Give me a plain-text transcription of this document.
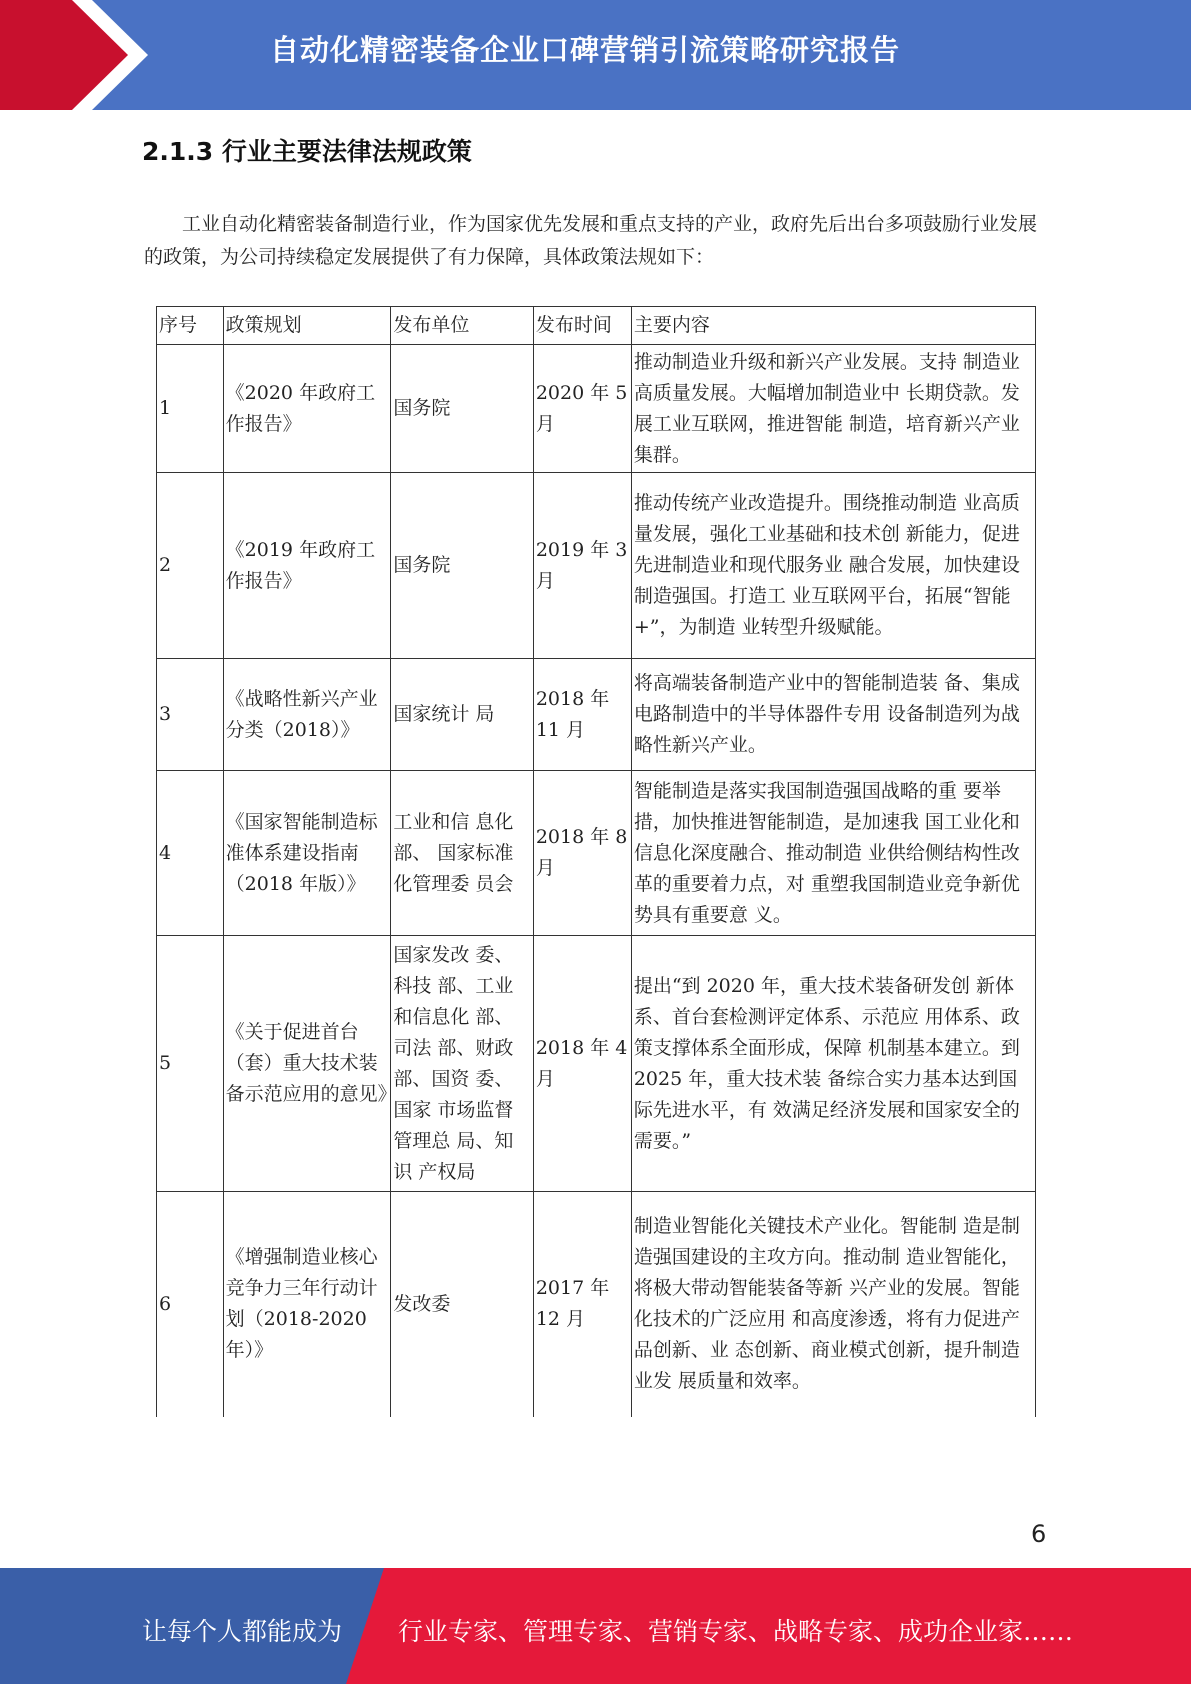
自动化精密装备企业口碑营销引流策略研究报告
2.1.3 行业主要法律法规政策
工业自动化精密装备制造行业，作为国家优先发展和重点支持的产业，政府先后出台多项鼓励行业发展的政策，为公司持续稳定发展提供了有力保障，具体政策法规如下：
序号	政策规划	发布单位	发布时间	主要内容
1	《2020 年政府工作报告》	国务院	2020 年 5 月	推动制造业升级和新兴产业发展。支持 制造业高质量发展。大幅增加制造业中 长期贷款。发展工业互联网，推进智能 制造，培育新兴产业集群。
2	《2019 年政府工作报告》	国务院	2019 年 3 月	推动传统产业改造提升。围绕推动制造 业高质量发展，强化工业基础和技术创 新能力，促进先进制造业和现代服务业 融合发展，加快建设制造强国。打造工 业互联网平台，拓展“智能+”，为制造 业转型升级赋能。
3	《战略性新兴产业分类（2018）》	国家统计 局	2018 年 11 月	将高端装备制造产业中的智能制造装 备、集成电路制造中的半导体器件专用 设备制造列为战略性新兴产业。
4	《国家智能制造标准体系建设指南（2018 年版）》	工业和信 息化部、 国家标准化管理委 员会	2018 年 8 月	智能制造是落实我国制造强国战略的重 要举措，加快推进智能制造，是加速我 国工业化和信息化深度融合、推动制造 业供给侧结构性改革的重要着力点，对 重塑我国制造业竞争新优势具有重要意 义。
5	《关于促进首台（套）重大技术装备示范应用的意见》	国家发改 委、科技 部、工业和信息化 部、司法 部、财政部、国资 委、国家 市场监督管理总 局、知识 产权局	2018 年 4 月	提出“到 2020 年，重大技术装备研发创 新体系、首台套检测评定体系、示范应 用体系、政策支撑体系全面形成，保障 机制基本建立。到 2025 年，重大技术装 备综合实力基本达到国际先进水平，有 效满足经济发展和国家安全的需要。”
6	《增强制造业核心竞争力三年行动计划（2018-2020 年）》	发改委	2017 年 12 月	制造业智能化关键技术产业化。智能制 造是制造强国建设的主攻方向。推动制 造业智能化，将极大带动智能装备等新 兴产业的发展。智能化技术的广泛应用 和高度渗透，将有力促进产品创新、业 态创新、商业模式创新，提升制造业发 展质量和效率。
6
让每个人都能成为 行业专家、管理专家、营销专家、战略专家、成功企业家……
